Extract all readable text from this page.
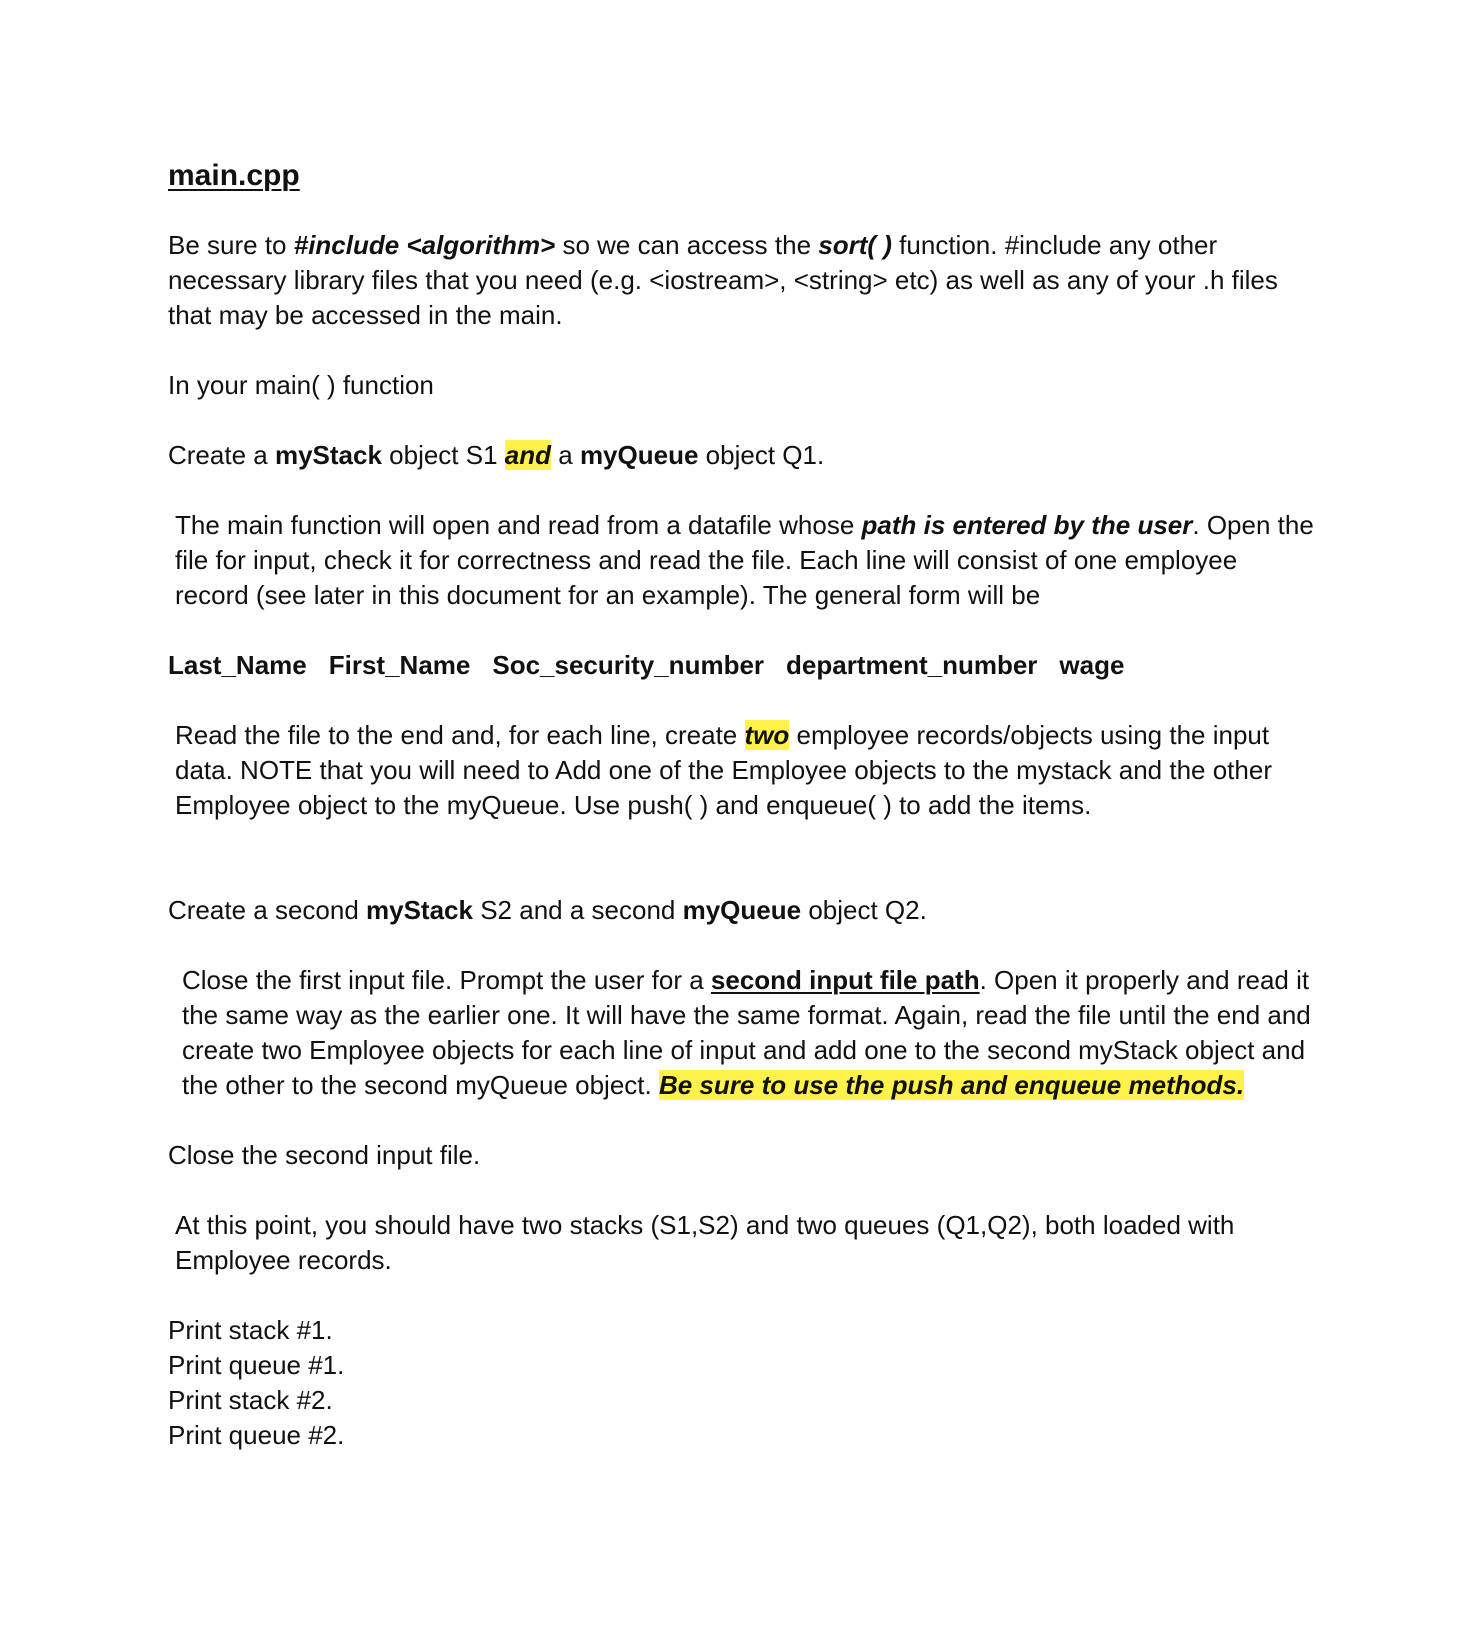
main.cpp

Be sure to #include <algorithm> so we can access the sort( ) function. #include any other necessary library files that you need (e.g. <iostream>, <string> etc) as well as any of your .h files that may be accessed in the main.

In your main( ) function

Create a myStack object S1 and a myQueue object Q1.

The main function will open and read from a datafile whose path is entered by the user. Open the file for input, check it for correctness and read the file. Each line will consist of one employee record (see later in this document for an example). The general form will be

Last_Name First_Name Soc_security_number department_number wage

Read the file to the end and, for each line, create two employee records/objects using the input data. NOTE that you will need to Add one of the Employee objects to the mystack and the other Employee object to the myQueue. Use push( ) and enqueue( ) to add the items.

Create a second myStack S2 and a second myQueue object Q2.

Close the first input file. Prompt the user for a second input file path. Open it properly and read it the same way as the earlier one. It will have the same format. Again, read the file until the end and create two Employee objects for each line of input and add one to the second myStack object and the other to the second myQueue object. Be sure to use the push and enqueue methods.

Close the second input file.

At this point, you should have two stacks (S1,S2) and two queues (Q1,Q2), both loaded with Employee records.

Print stack #1.

Print queue #1.

Print stack #2.

Print queue #2.
